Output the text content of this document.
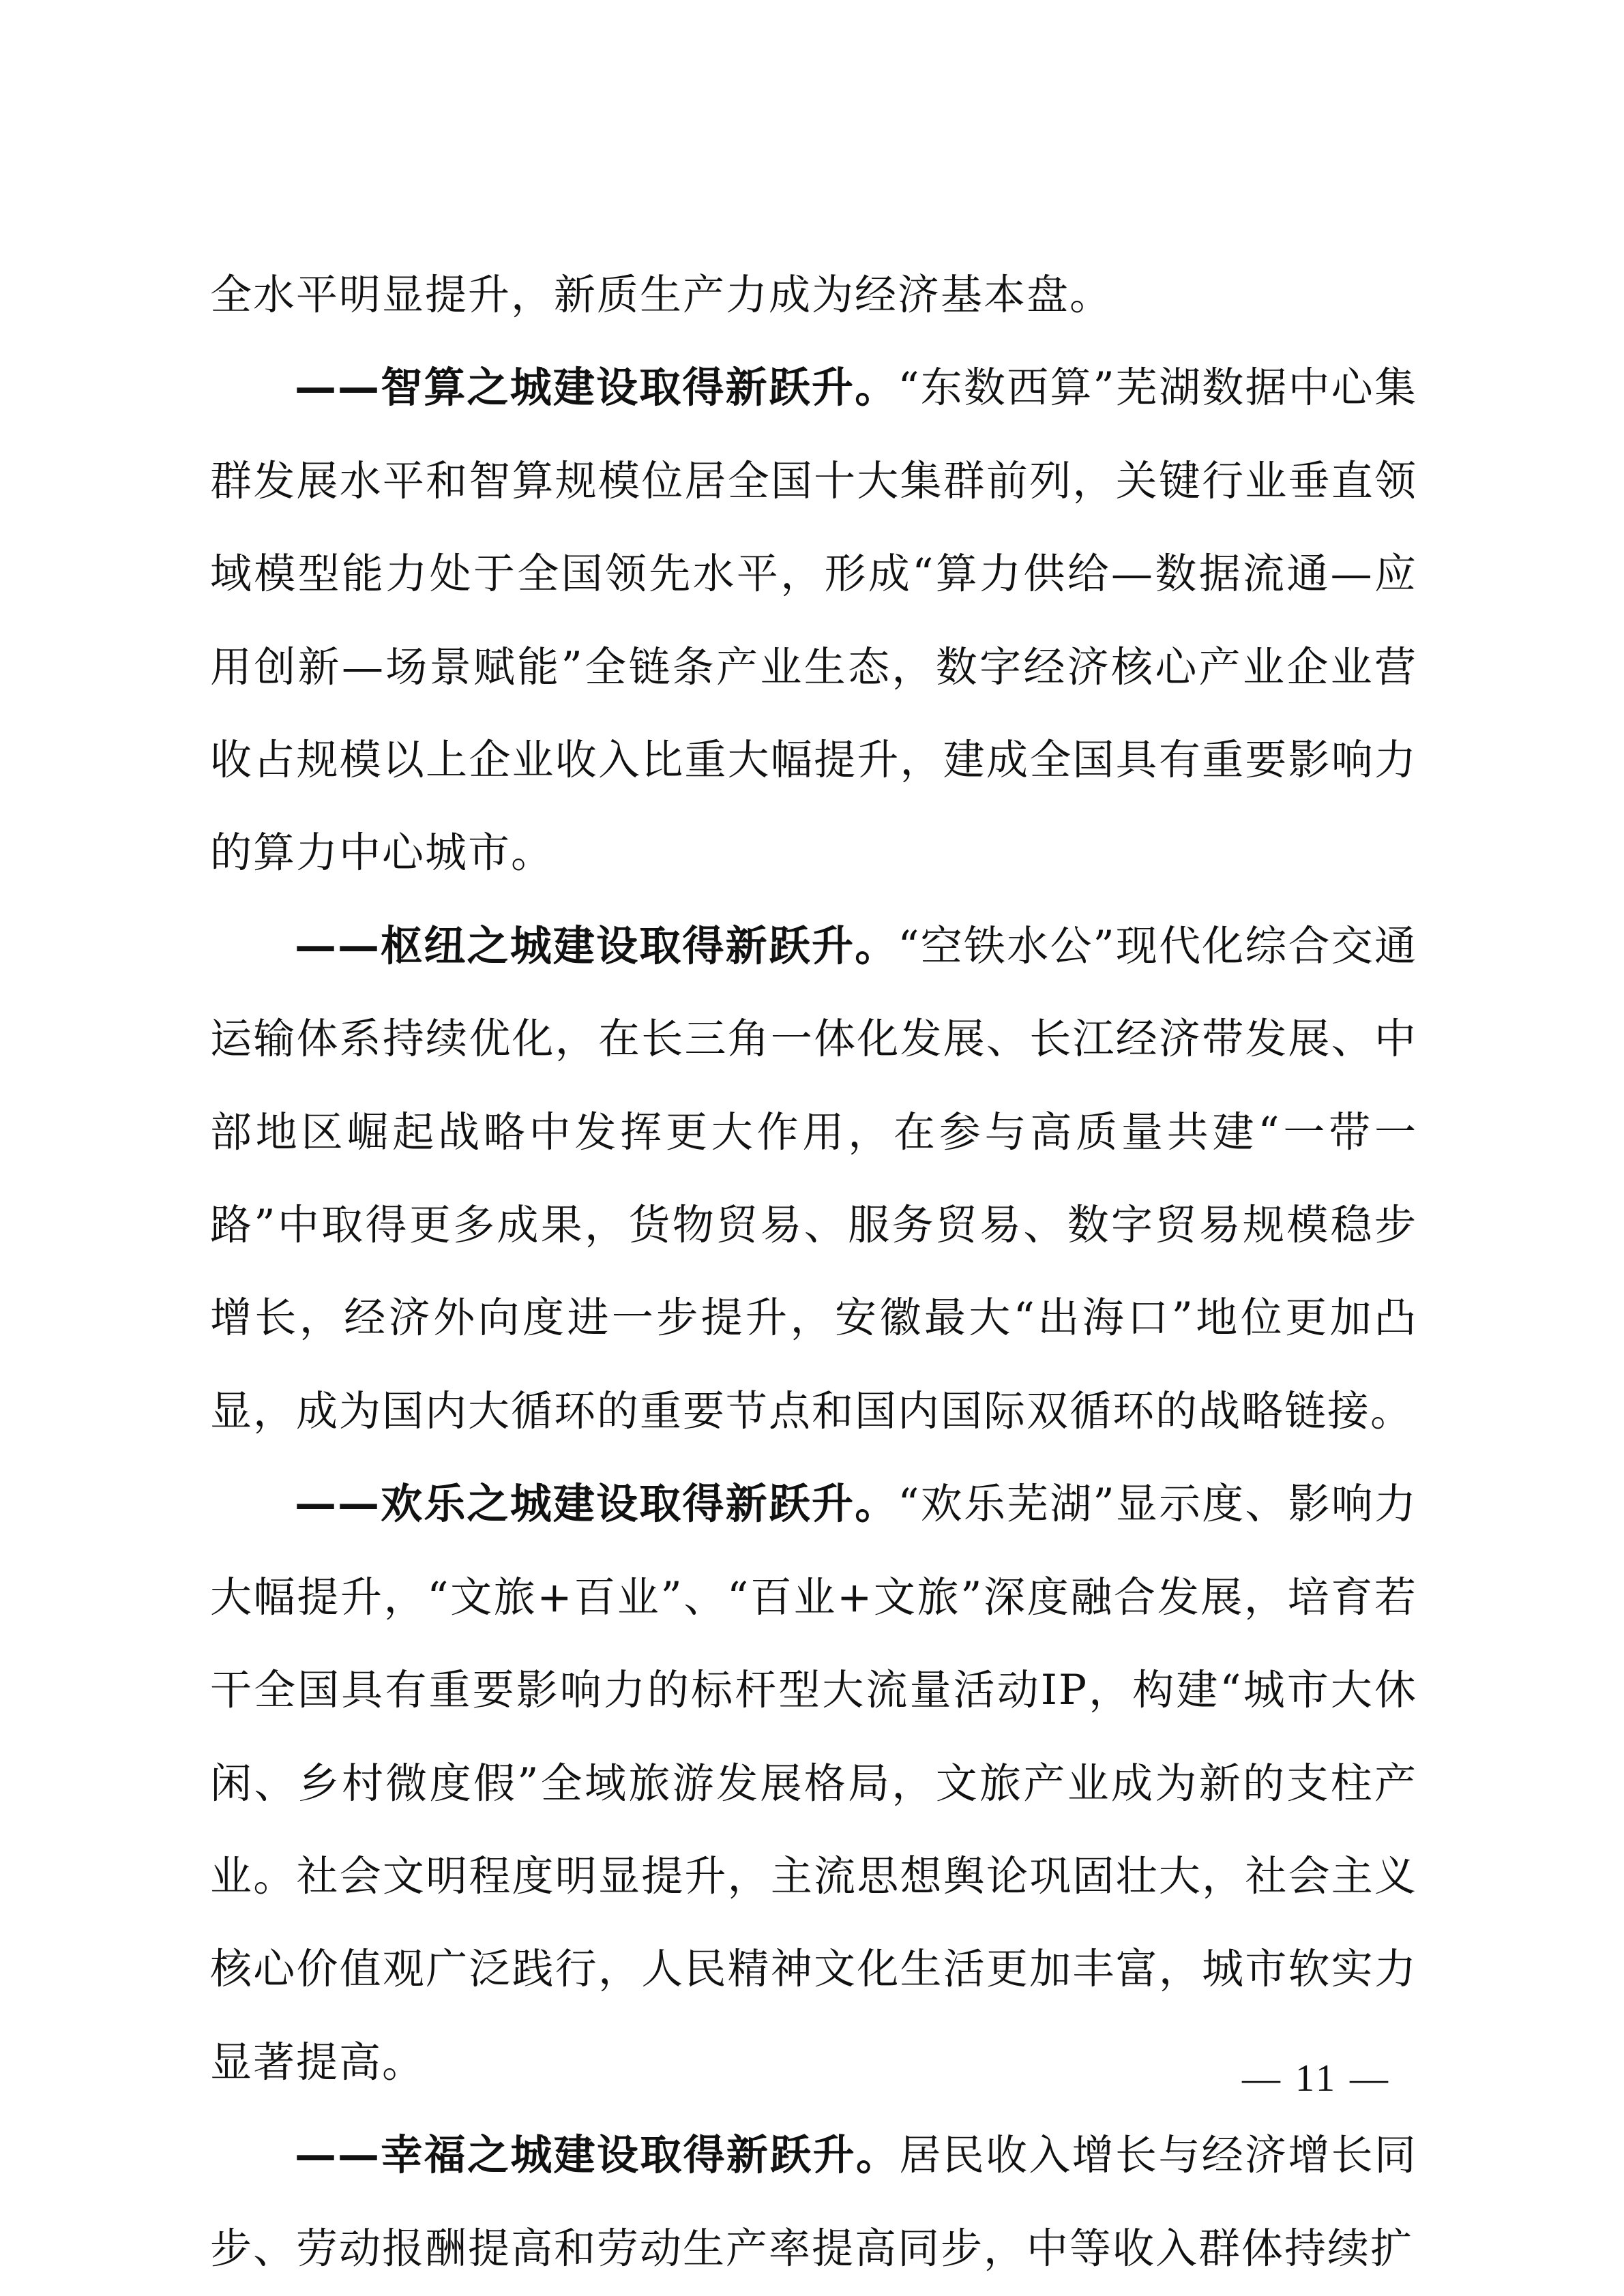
全水平明显提升，新质生产力成为经济基本盘。

——智算之城建设取得新跃升。“东数西算”芜湖数据中心集群发展水平和智算规模位居全国十大集群前列，关键行业垂直领域模型能力处于全国领先水平，形成“算力供给—数据流通—应用创新—场景赋能”全链条产业生态，数字经济核心产业企业营收占规模以上企业收入比重大幅提升，建成全国具有重要影响力的算力中心城市。

——枢纽之城建设取得新跃升。“空铁水公”现代化综合交通运输体系持续优化，在长三角一体化发展、长江经济带发展、中部地区崛起战略中发挥更大作用，在参与高质量共建“一带一路”中取得更多成果，货物贸易、服务贸易、数字贸易规模稳步增长，经济外向度进一步提升，安徽最大“出海口”地位更加凸显，成为国内大循环的重要节点和国内国际双循环的战略链接。

——欢乐之城建设取得新跃升。“欢乐芜湖”显示度、影响力大幅提升，“文旅+百业”、“百业+文旅”深度融合发展，培育若干全国具有重要影响力的标杆型大流量活动IP，构建“城市大休闲、乡村微度假”全域旅游发展格局，文旅产业成为新的支柱产业。社会文明程度明显提升，主流思想舆论巩固壮大，社会主义核心价值观广泛践行，人民精神文化生活更加丰富，城市软实力显著提高。

——幸福之城建设取得新跃升。居民收入增长与经济增长同步、劳动报酬提高和劳动生产率提高同步，中等收入群体持续扩

— 11 —
